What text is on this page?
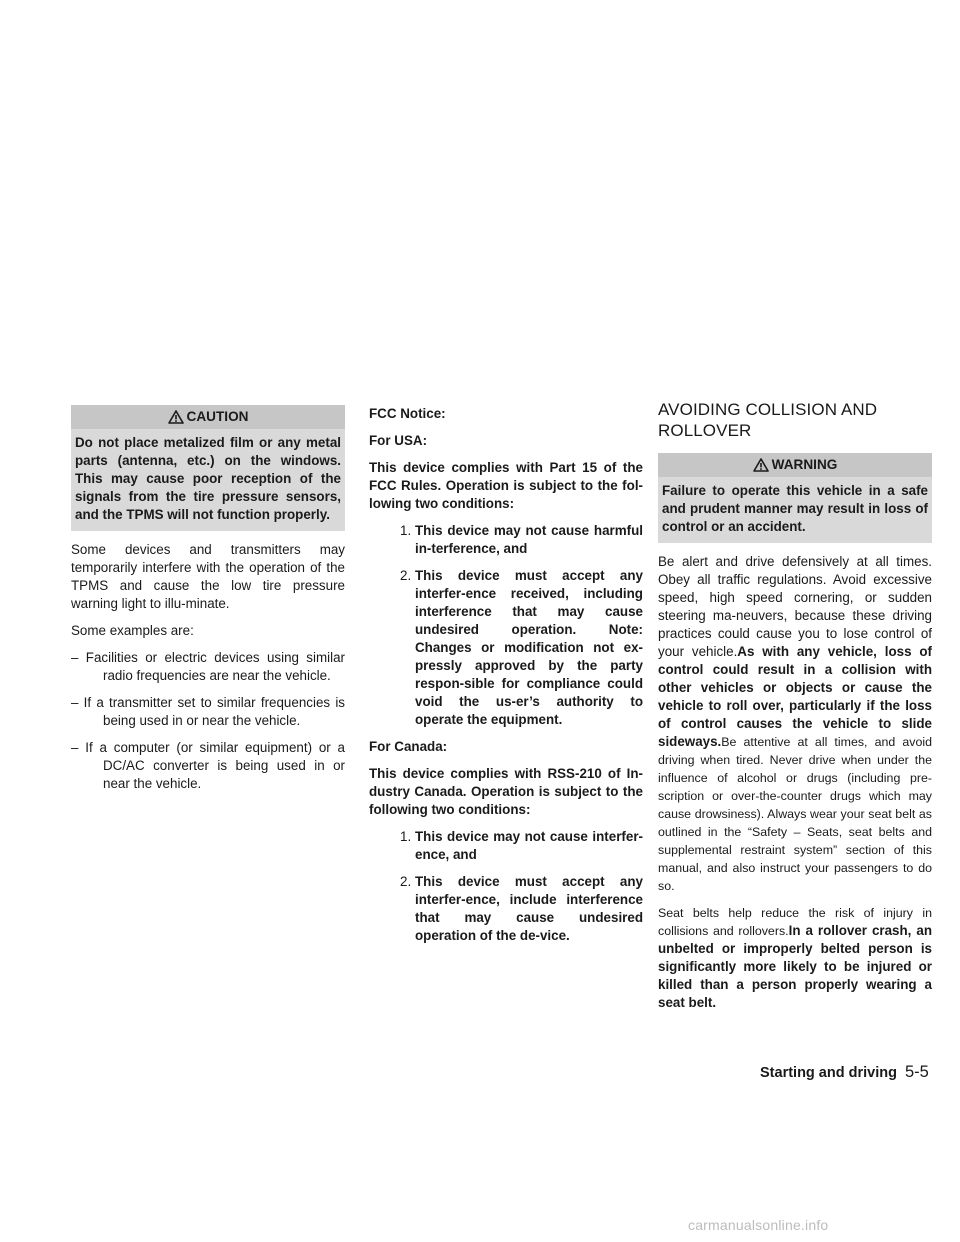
CAUTION
Do not place metalized film or any metal parts (antenna, etc.) on the windows. This may cause poor reception of the signals from the tire pressure sensors, and the TPMS will not function properly.

Some devices and transmitters may temporarily interfere with the operation of the TPMS and cause the low tire pressure warning light to illu-minate.

Some examples are:

– Facilities or electric devices using similar radio frequencies are near the vehicle.

– If a transmitter set to similar frequencies is being used in or near the vehicle.

– If a computer (or similar equipment) or a DC/AC converter is being used in or near the vehicle.

FCC Notice:

For USA:

This device complies with Part 15 of the FCC Rules. Operation is subject to the fol-lowing two conditions:

1. This device may not cause harmful in-terference, and
2. This device must accept any interfer-ence received, including interference that may cause undesired operation. Note: Changes or modification not ex-pressly approved by the party respon-sible for compliance could void the us-er’s authority to operate the equipment.

For Canada:

This device complies with RSS-210 of In-dustry Canada. Operation is subject to the following two conditions:

1. This device may not cause interfer-ence, and
2. This device must accept any interfer-ence, include interference that may cause undesired operation of the de-vice.
AVOIDING COLLISION AND ROLLOVER
WARNING
Failure to operate this vehicle in a safe and prudent manner may result in loss of control or an accident.

Be alert and drive defensively at all times. Obey all traffic regulations. Avoid excessive speed, high speed cornering, or sudden steering ma-neuvers, because these driving practices could cause you to lose control of your vehicle.As with any vehicle, loss of control could result in a collision with other vehicles or objects or cause the vehicle to roll over, particularly if the loss of control causes the vehicle to slide sideways.Be attentive at all times, and avoid driving when tired. Never drive when under the influence of alcohol or drugs (including pre-scription or over-the-counter drugs which may cause drowsiness). Always wear your seat belt as outlined in the “Safety – Seats, seat belts and supplemental restraint system” section of this manual, and also instruct your passengers to do so.

Seat belts help reduce the risk of injury in collisions and rollovers.In a rollover crash, an unbelted or improperly belted person is significantly more likely to be injured or killed than a person properly wearing a seat belt.

Starting and driving 5-5
carmanualsonline.info
